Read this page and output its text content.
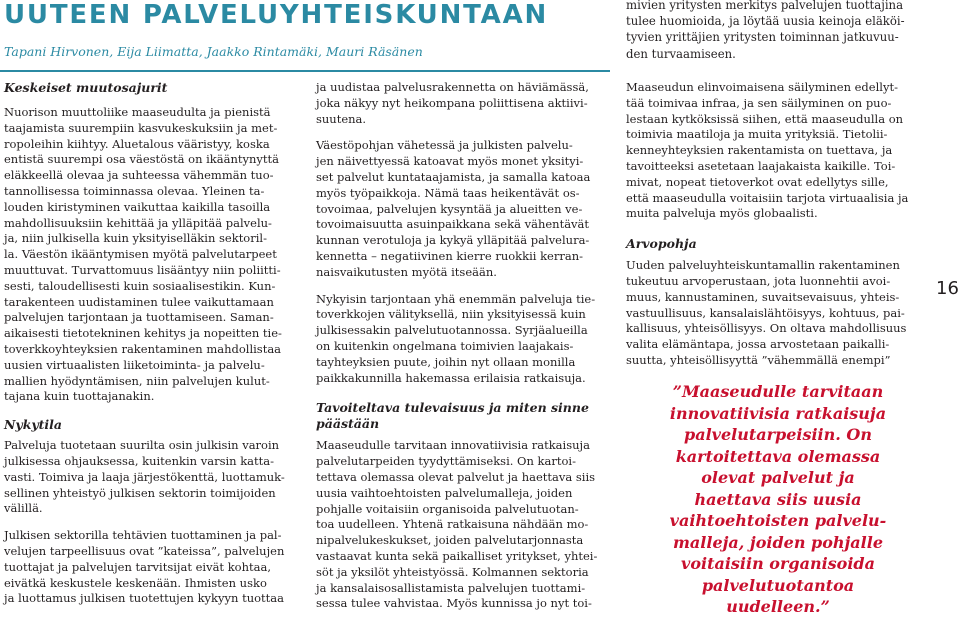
UUTEEN PALVELUYHTEISKUNTAAN
Tapani Hirvonen, Eija Liimatta, Jaakko Rintamäki, Mauri Räsänen

mivien yritysten merkitys palvelujen tuottajina
tulee huomioida, ja löytää uusia keinoja eläköi-
tyvien yrittäjien yritysten toiminnan jatkuvuu-
den turvaamiseen.

Keskeiset muutosajurit

Nuorison muuttoliike maaseudulta ja pienistä
taajamista suurempiin kasvukeskuksiin ja met-
ropoleihin kiihtyy. Aluetalous vääristyy, koska
entistä suurempi osa väestöstä on ikääntynyttä
eläkkeellä olevaa ja suhteessa vähemmän tuo-
tannollisessa toiminnassa olevaa. Yleinen ta-
louden kiristyminen vaikuttaa kaikilla tasoilla
mahdollisuuksiin kehittää ja ylläpitää palvelu-
ja, niin julkisella kuin yksityiselläkin sektoril-
la. Väestön ikääntymisen myötä palvelutarpeet
muuttuvat. Turvattomuus lisääntyy niin poliitti-
sesti, taloudellisesti kuin sosiaalisestikin. Kun-
tarakenteen uudistaminen tulee vaikuttamaan
palvelujen tarjontaan ja tuottamiseen. Saman-
aikaisesti tietotekninen kehitys ja nopeitten tie-
toverkkoyhteyksien rakentaminen mahdollistaa
uusien virtuaalisten liiketoiminta- ja palvelu-
mallien hyödyntämisen, niin palvelujen kulut-
tajana kuin tuottajanakin.

Nykytila

Palveluja tuotetaan suurilta osin julkisin varoin
julkisessa ohjauksessa, kuitenkin varsin katta-
vasti. Toimiva ja laaja järjestökenttä, luottamuk-
sellinen yhteistyö julkisen sektorin toimijoiden
välillä.

Julkisen sektorilla tehtävien tuottaminen ja pal-
velujen tarpeellisuus ovat ”kateissa”, palvelujen
tuottajat ja palvelujen tarvitsijat eivät kohtaa,
eivätkä keskustele keskenään. Ihmisten usko
ja luottamus julkisen tuotettujen kykyyn tuottaa

ja uudistaa palvelusrakennetta on häviämässä,
joka näkyy nyt heikompana poliittisena aktiivi-
suutena.

Väestöpohjan vähetessä ja julkisten palvelu-
jen näivettyessä katoavat myös monet yksityi-
set palvelut kuntataajamista, ja samalla katoaa
myös työpaikkoja. Nämä taas heikentävät os-
tovoimaa, palvelujen kysyntää ja alueitten ve-
tovoimaisuutta asuinpaikkana sekä vähentävät
kunnan verotuloja ja kykyä ylläpitää palvelura-
kennetta – negatiivinen kierre ruokkii kerran-
naisvaikutusten myötä itseään.

Nykyisin tarjontaan yhä enemmän palveluja tie-
toverkkojen välityksellä, niin yksityisessä kuin
julkisessakin palvelutuotannossa. Syrjäalueilla
on kuitenkin ongelmana toimivien laajakais-
tayhteyksien puute, joihin nyt ollaan monilla
paikkakunnilla hakemassa erilaisia ratkaisuja.

Tavoiteltava tulevaisuus ja miten sinne
päästään

Maaseudulle tarvitaan innovatiivisia ratkaisuja
palvelutarpeiden tyydyttämiseksi. On kartoi-
tettava olemassa olevat palvelut ja haettava siis
uusia vaihtoehtoisten palvelumalleja, joiden
pohjalle voitaisiin organisoida palvelutuotan-
toa uudelleen. Yhtenä ratkaisuna nähdään mo-
nipalvelukeskukset, joiden palvelutarjonnasta
vastaavat kunta sekä paikalliset yritykset, yhtei-
söt ja yksilöt yhteistyössä. Kolmannen sektoria
ja kansalaisosallistamista palvelujen tuottami-
sessa tulee vahvistaa. Myös kunnissa jo nyt toi-

Maaseudun elinvoimaisena säilyminen edellyt-
tää toimivaa infraa, ja sen säilyminen on puo-
lestaan kytköksissä siihen, että maaseudulla on
toimivia maatiloja ja muita yrityksiä. Tietolii-
kenneyhteyksien rakentamista on tuettava, ja
tavoitteeksi asetetaan laajakaista kaikille. Toi-
mivat, nopeat tietoverkot ovat edellytys sille,
että maaseudulla voitaisiin tarjota virtuaalisia ja
muita palveluja myös globaalisti.

Arvopohja

Uuden palveluyhteiskuntamallin rakentaminen
tukeutuu arvoperustaan, jota luonnehtii avoi-
muus, kannustaminen, suvaitsevaisuus, yhteis-
vastuullisuus, kansalaislähtöisyys, kohtuus, pai-
kallisuus, yhteisöllisyys. On oltava mahdollisuus
valita elämäntapa, jossa arvostetaan paikalli-
suutta, yhteisöllisyyttä ”vähemmällä enempi”

”Maaseudulle tarvitaan
innovatiivisia ratkaisuja
palvelutarpeisiin. On
kartoitettava olemassa
olevat palvelut ja
haettava siis uusia
vaihtoehtoisten palvelu-
malleja, joiden pohjalle
voitaisiin organisoida
palvelutuotantoa
uudelleen.”
16
